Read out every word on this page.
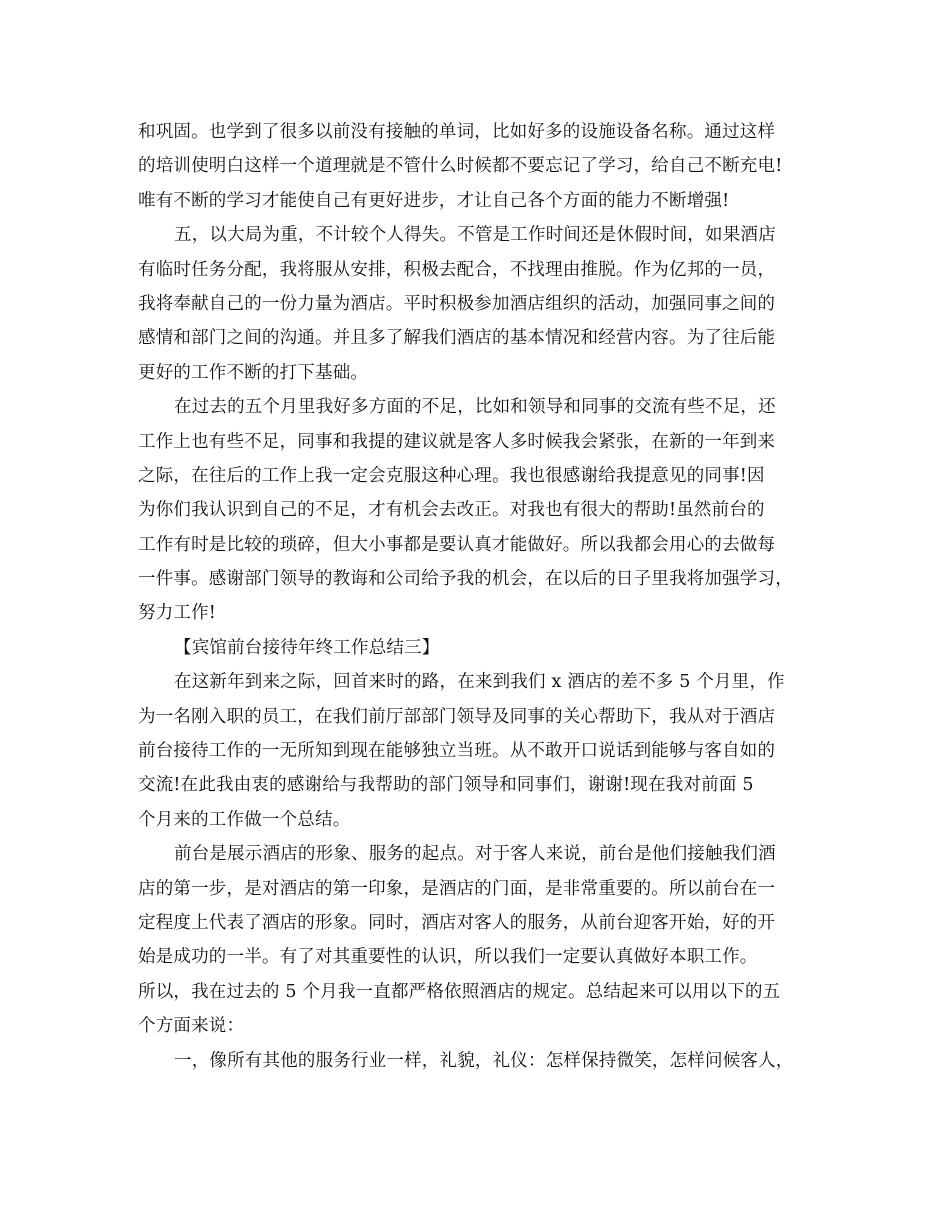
和巩固。也学到了很多以前没有接触的单词，比如好多的设施设备名称。通过这样
的培训使明白这样一个道理就是不管什么时候都不要忘记了学习，给自己不断充电!
唯有不断的学习才能使自己有更好进步，才让自己各个方面的能力不断增强!
五，以大局为重，不计较个人得失。不管是工作时间还是休假时间，如果酒店
有临时任务分配，我将服从安排，积极去配合，不找理由推脱。作为亿邦的一员，
我将奉献自己的一份力量为酒店。平时积极参加酒店组织的活动，加强同事之间的
感情和部门之间的沟通。并且多了解我们酒店的基本情况和经营内容。为了往后能
更好的工作不断的打下基础。
在过去的五个月里我好多方面的不足，比如和领导和同事的交流有些不足，还
工作上也有些不足，同事和我提的建议就是客人多时候我会紧张，在新的一年到来
之际，在往后的工作上我一定会克服这种心理。我也很感谢给我提意见的同事!因
为你们我认识到自己的不足，才有机会去改正。对我也有很大的帮助!虽然前台的
工作有时是比较的琐碎，但大小事都是要认真才能做好。所以我都会用心的去做每
一件事。感谢部门领导的教诲和公司给予我的机会，在以后的日子里我将加强学习，
努力工作!
【宾馆前台接待年终工作总结三】
在这新年到来之际，回首来时的路，在来到我们 x 酒店的差不多 5 个月里，作
为一名刚入职的员工，在我们前厅部部门领导及同事的关心帮助下，我从对于酒店
前台接待工作的一无所知到现在能够独立当班。从不敢开口说话到能够与客自如的
交流!在此我由衷的感谢给与我帮助的部门领导和同事们，谢谢!现在我对前面 5
个月来的工作做一个总结。
前台是展示酒店的形象、服务的起点。对于客人来说，前台是他们接触我们酒
店的第一步，是对酒店的第一印象，是酒店的门面，是非常重要的。所以前台在一
定程度上代表了酒店的形象。同时，酒店对客人的服务，从前台迎客开始，好的开
始是成功的一半。有了对其重要性的认识，所以我们一定要认真做好本职工作。
所以，我在过去的 5 个月我一直都严格依照酒店的规定。总结起来可以用以下的五
个方面来说：
一，像所有其他的服务行业一样，礼貌，礼仪：怎样保持微笑，怎样问候客人，
